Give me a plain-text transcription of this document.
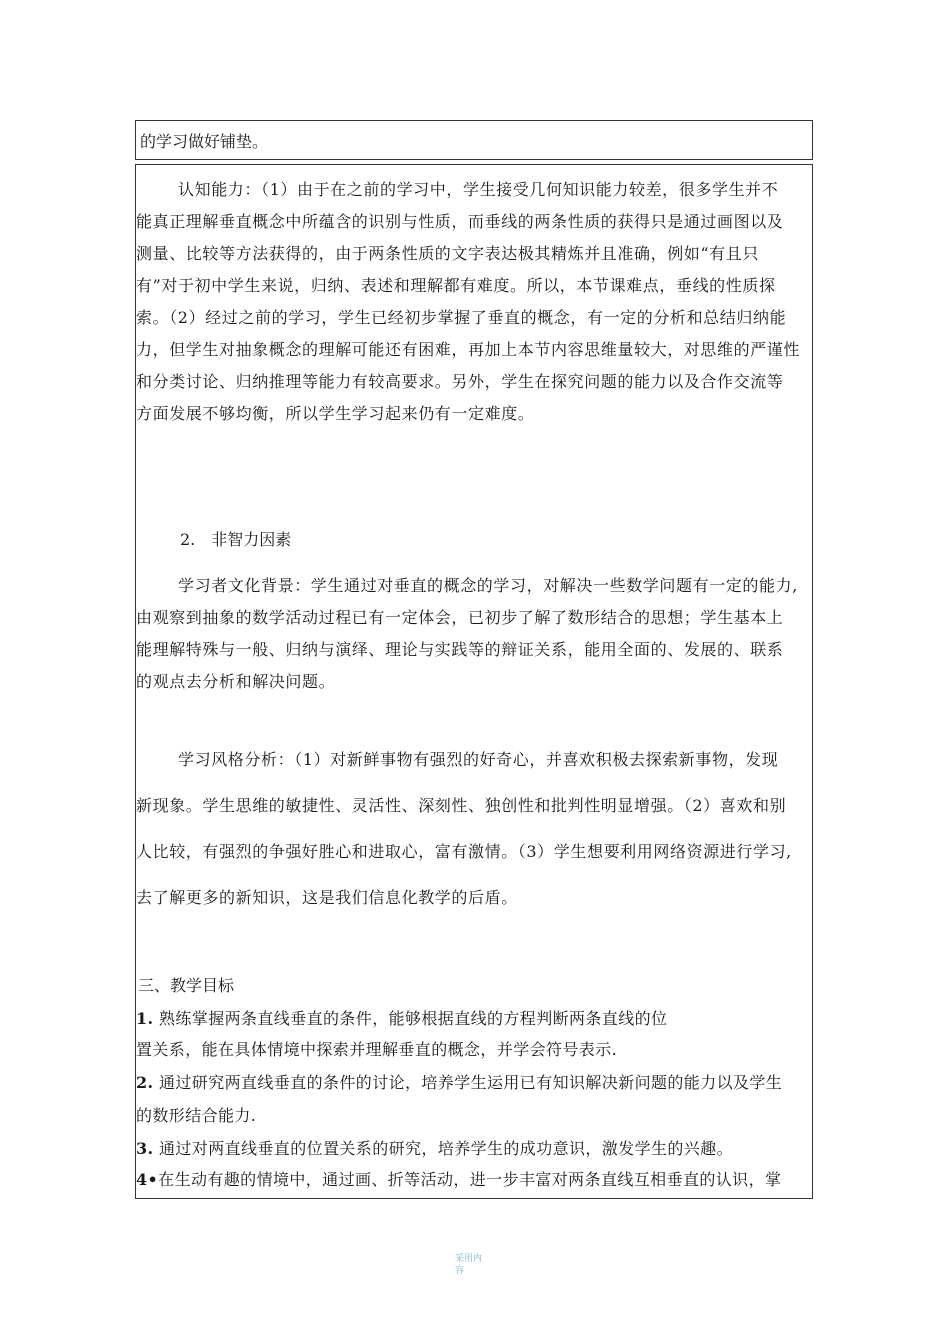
的学习做好铺垫。

认知能力：（1）由于在之前的学习中，学生接受几何知识能力较差，很多学生并不
能真正理解垂直概念中所蕴含的识别与性质，而垂线的两条性质的获得只是通过画图以及
测量、比较等方法获得的，由于两条性质的文字表达极其精炼并且准确，例如“有且只
有”对于初中学生来说，归纳、表述和理解都有难度。所以，本节课难点，垂线的性质探
索。（2）经过之前的学习，学生已经初步掌握了垂直的概念，有一定的分析和总结归纳能
力，但学生对抽象概念的理解可能还有困难，再加上本节内容思维量较大，对思维的严谨性
和分类讨论、归纳推理等能力有较高要求。另外，学生在探究问题的能力以及合作交流等
方面发展不够均衡，所以学生学习起来仍有一定难度。

2.　非智力因素

学习者文化背景：学生通过对垂直的概念的学习，对解决一些数学问题有一定的能力,
由观察到抽象的数学活动过程已有一定体会，已初步了解了数形结合的思想；学生基本上
能理解特殊与一般、归纳与演绎、理论与实践等的辩证关系，能用全面的、发展的、联系
的观点去分析和解决问题。
学习风格分析：（1）对新鲜事物有强烈的好奇心，并喜欢积极去探索新事物，发现
新现象。学生思维的敏捷性、灵活性、深刻性、独创性和批判性明显增强。（2）喜欢和别
人比较，有强烈的争强好胜心和进取心，富有激情。（3）学生想要利用网络资源进行学习,
去了解更多的新知识，这是我们信息化教学的后盾。

三、教学目标

1. 熟练掌握两条直线垂直的条件，能够根据直线的方程判断两条直线的位

置关系，能在具体情境中探索并理解垂直的概念，并学会符号表示.

2. 通过研究两直线垂直的条件的讨论，培养学生运用已有知识解决新问题的能力以及学生

的数形结合能力.

3. 通过对两直线垂直的位置关系的研究，培养学生的成功意识，激发学生的兴趣。

4•在生动有趣的情境中，通过画、折等活动，进一步丰富对两条直线互相垂直的认识，掌

采用内
容
